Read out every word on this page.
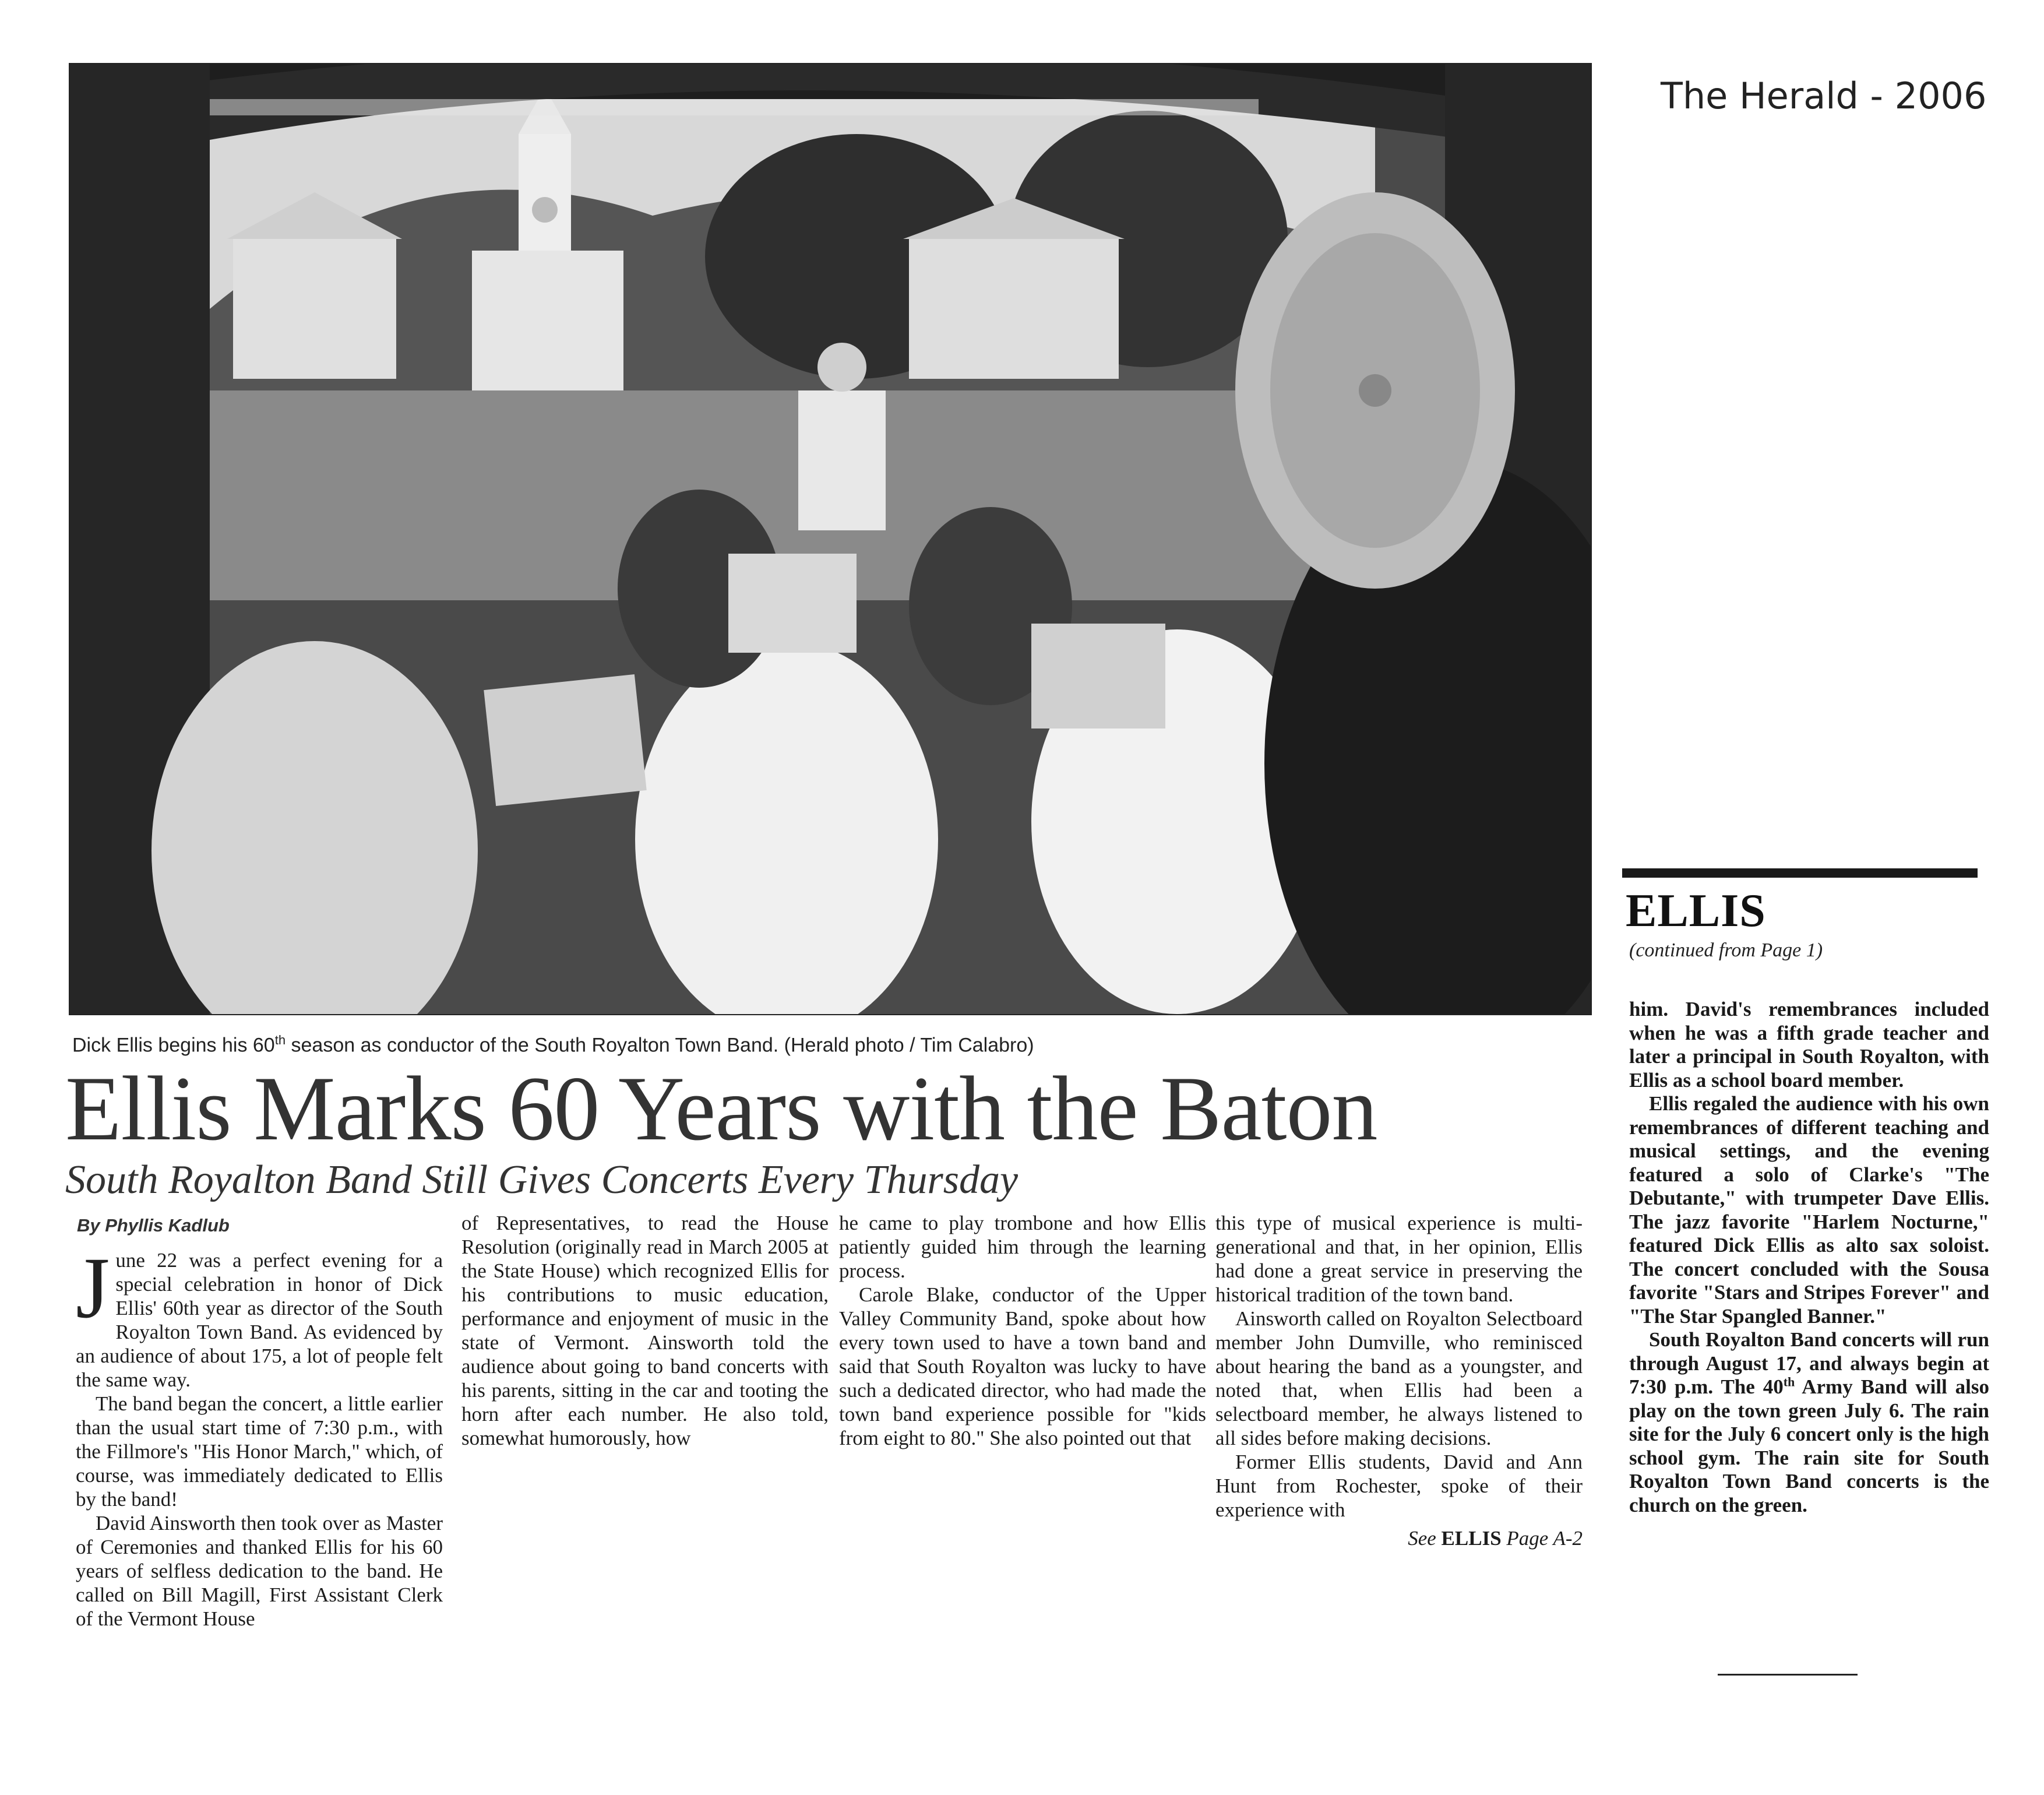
The Herald - 2006
Dick Ellis begins his 60th season as conductor of the South Royalton Town Band. (Herald photo / Tim Calabro)
Ellis Marks 60 Years with the Baton
South Royalton Band Still Gives Concerts Every Thursday
By Phyllis Kadlub

June 22 was a perfect evening for a special celebration in honor of Dick Ellis' 60th year as director of the South Royalton Town Band. As evidenced by an audience of about 175, a lot of people felt the same way.

The band began the concert, a little earlier than the usual start time of 7:30 p.m., with the Fillmore's "His Honor March," which, of course, was immediately dedicated to Ellis by the band!

David Ainsworth then took over as Master of Ceremonies and thanked Ellis for his 60 years of selfless dedication to the band. He called on Bill Magill, First Assistant Clerk of the Vermont House

of Representatives, to read the House Resolution (originally read in March 2005 at the State House) which recognized Ellis for his contributions to music education, performance and enjoyment of music in the state of Vermont. Ainsworth told the audience about going to band concerts with his parents, sitting in the car and tooting the horn after each number. He also told, somewhat humorously, how

he came to play trombone and how Ellis patiently guided him through the learning process.

Carole Blake, conductor of the Upper Valley Community Band, spoke about how every town used to have a town band and said that South Royalton was lucky to have such a dedicated director, who had made the town band experience possible for "kids from eight to 80." She also pointed out that

this type of musical experience is multi-generational and that, in her opinion, Ellis had done a great service in preserving the historical tradition of the town band.

Ainsworth called on Royalton Selectboard member John Dumville, who reminisced about hearing the band as a youngster, and noted that, when Ellis had been a selectboard member, he always listened to all sides before making decisions.

Former Ellis students, David and Ann Hunt from Rochester, spoke of their experience with

See ELLIS Page A-2

ELLIS
(continued from Page 1)

him. David's remembrances included when he was a fifth grade teacher and later a principal in South Royalton, with Ellis as a school board member.

Ellis regaled the audience with his own remembrances of different teaching and musical settings, and the evening featured a solo of Clarke's "The Debutante," with trumpeter Dave Ellis. The jazz favorite "Harlem Nocturne," featured Dick Ellis as alto sax soloist. The concert concluded with the Sousa favorite "Stars and Stripes Forever" and "The Star Spangled Banner."

South Royalton Band concerts will run through August 17, and always begin at 7:30 p.m. The 40th Army Band will also play on the town green July 6. The rain site for the July 6 concert only is the high school gym. The rain site for South Royalton Town Band concerts is the church on the green.
